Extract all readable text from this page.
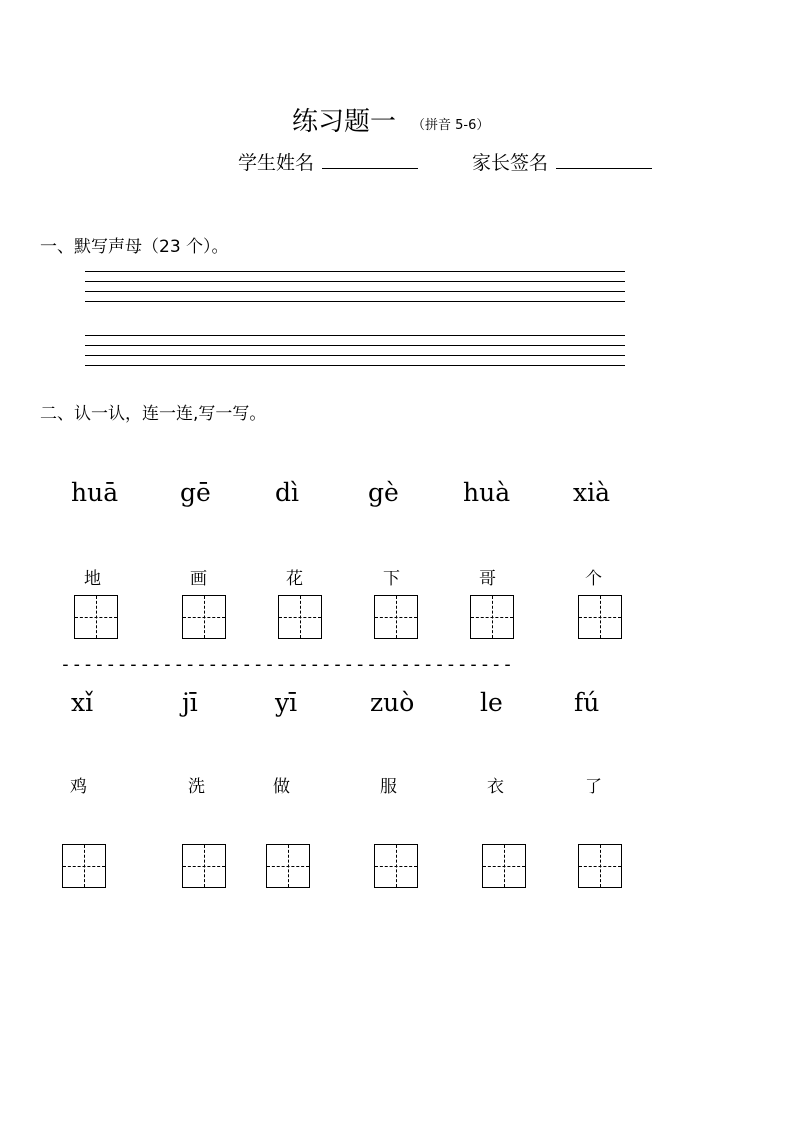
练习题一 （拼音 5-6）
学生姓名	家长签名
一、默写声母（23 个）。
二、认一认，连一连,写一写。
huā gē	dì	gè	huà	xià
地	画	花	下	哥	个
----------------------------------------
xǐ	jī	yī	zuò	le	fú
鸡	洗	做	服	衣	了
